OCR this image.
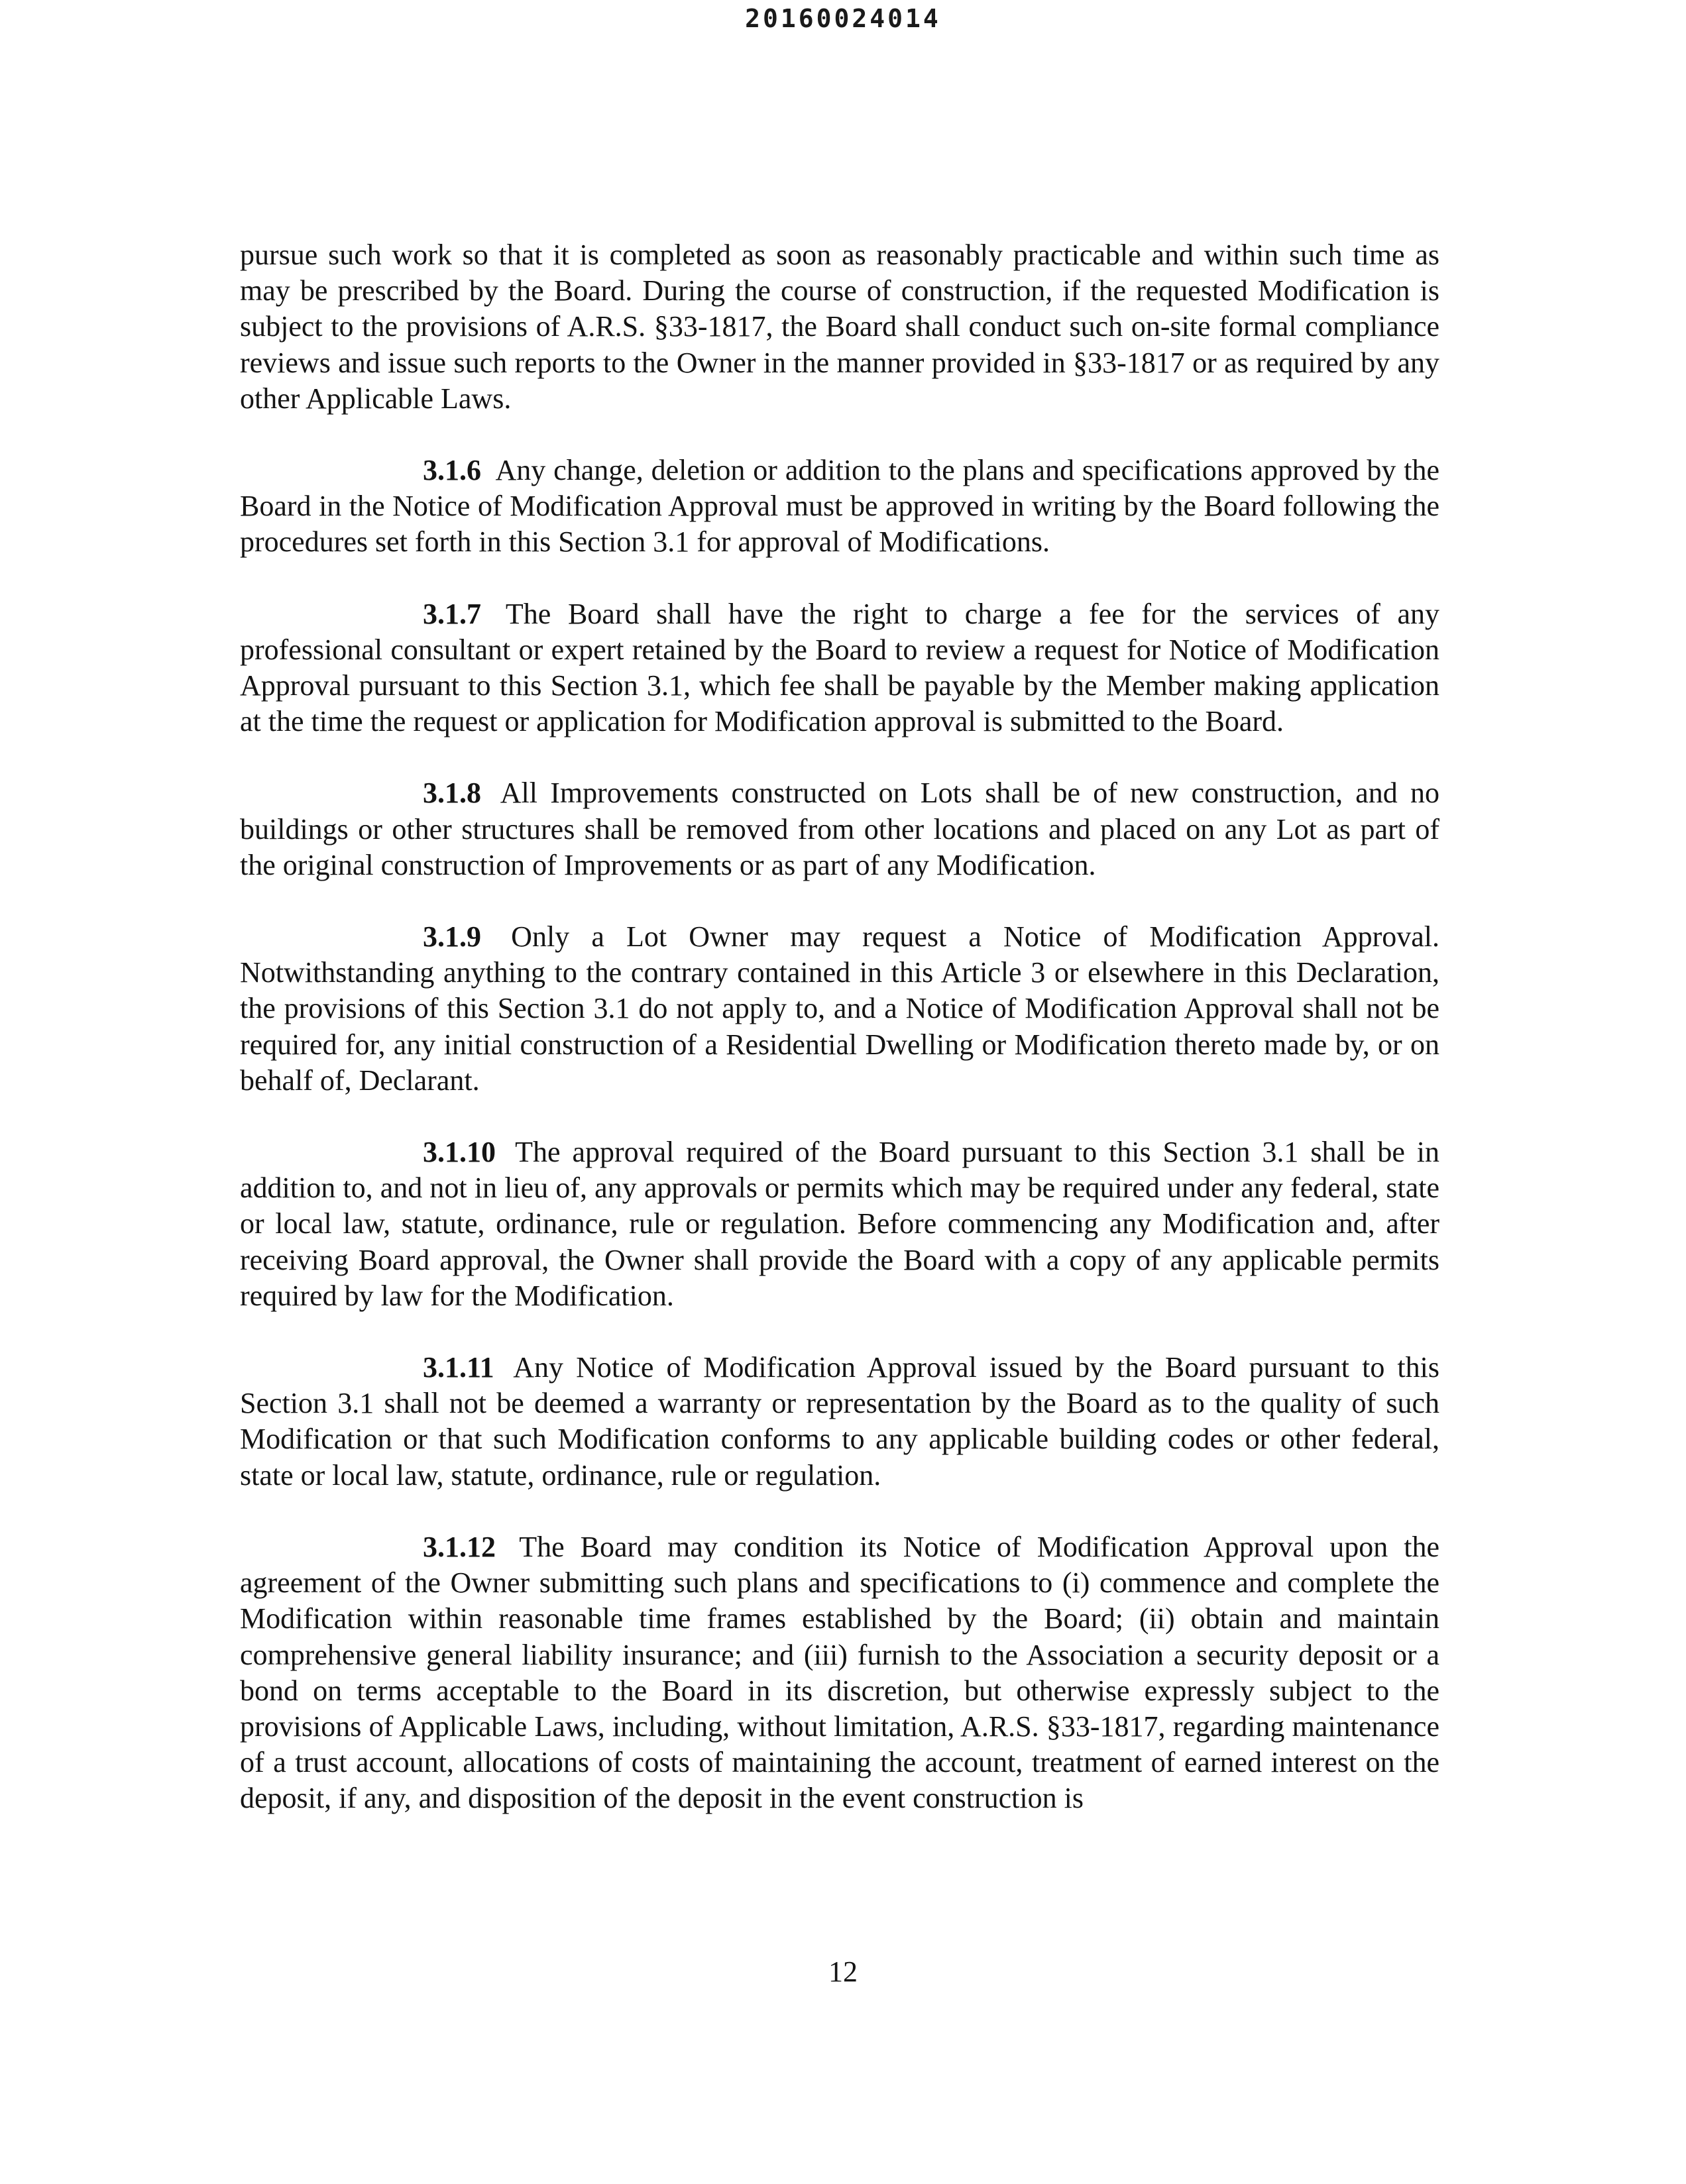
20160024014

pursue such work so that it is completed as soon as reasonably practicable and within such time as may be prescribed by the Board. During the course of construction, if the requested Modification is subject to the provisions of A.R.S. §33-1817, the Board shall conduct such on-site formal compliance reviews and issue such reports to the Owner in the manner provided in §33-1817 or as required by any other Applicable Laws.

3.1.6 Any change, deletion or addition to the plans and specifications approved by the Board in the Notice of Modification Approval must be approved in writing by the Board following the procedures set forth in this Section 3.1 for approval of Modifications.

3.1.7 The Board shall have the right to charge a fee for the services of any professional consultant or expert retained by the Board to review a request for Notice of Modification Approval pursuant to this Section 3.1, which fee shall be payable by the Member making application at the time the request or application for Modification approval is submitted to the Board.

3.1.8 All Improvements constructed on Lots shall be of new construction, and no buildings or other structures shall be removed from other locations and placed on any Lot as part of the original construction of Improvements or as part of any Modification.

3.1.9 Only a Lot Owner may request a Notice of Modification Approval. Notwithstanding anything to the contrary contained in this Article 3 or elsewhere in this Declaration, the provisions of this Section 3.1 do not apply to, and a Notice of Modification Approval shall not be required for, any initial construction of a Residential Dwelling or Modification thereto made by, or on behalf of, Declarant.

3.1.10 The approval required of the Board pursuant to this Section 3.1 shall be in addition to, and not in lieu of, any approvals or permits which may be required under any federal, state or local law, statute, ordinance, rule or regulation. Before commencing any Modification and, after receiving Board approval, the Owner shall provide the Board with a copy of any applicable permits required by law for the Modification.

3.1.11 Any Notice of Modification Approval issued by the Board pursuant to this Section 3.1 shall not be deemed a warranty or representation by the Board as to the quality of such Modification or that such Modification conforms to any applicable building codes or other federal, state or local law, statute, ordinance, rule or regulation.

3.1.12 The Board may condition its Notice of Modification Approval upon the agreement of the Owner submitting such plans and specifications to (i) commence and complete the Modification within reasonable time frames established by the Board; (ii) obtain and maintain comprehensive general liability insurance; and (iii) furnish to the Association a security deposit or a bond on terms acceptable to the Board in its discretion, but otherwise expressly subject to the provisions of Applicable Laws, including, without limitation, A.R.S. §33-1817, regarding maintenance of a trust account, allocations of costs of maintaining the account, treatment of earned interest on the deposit, if any, and disposition of the deposit in the event construction is

12
